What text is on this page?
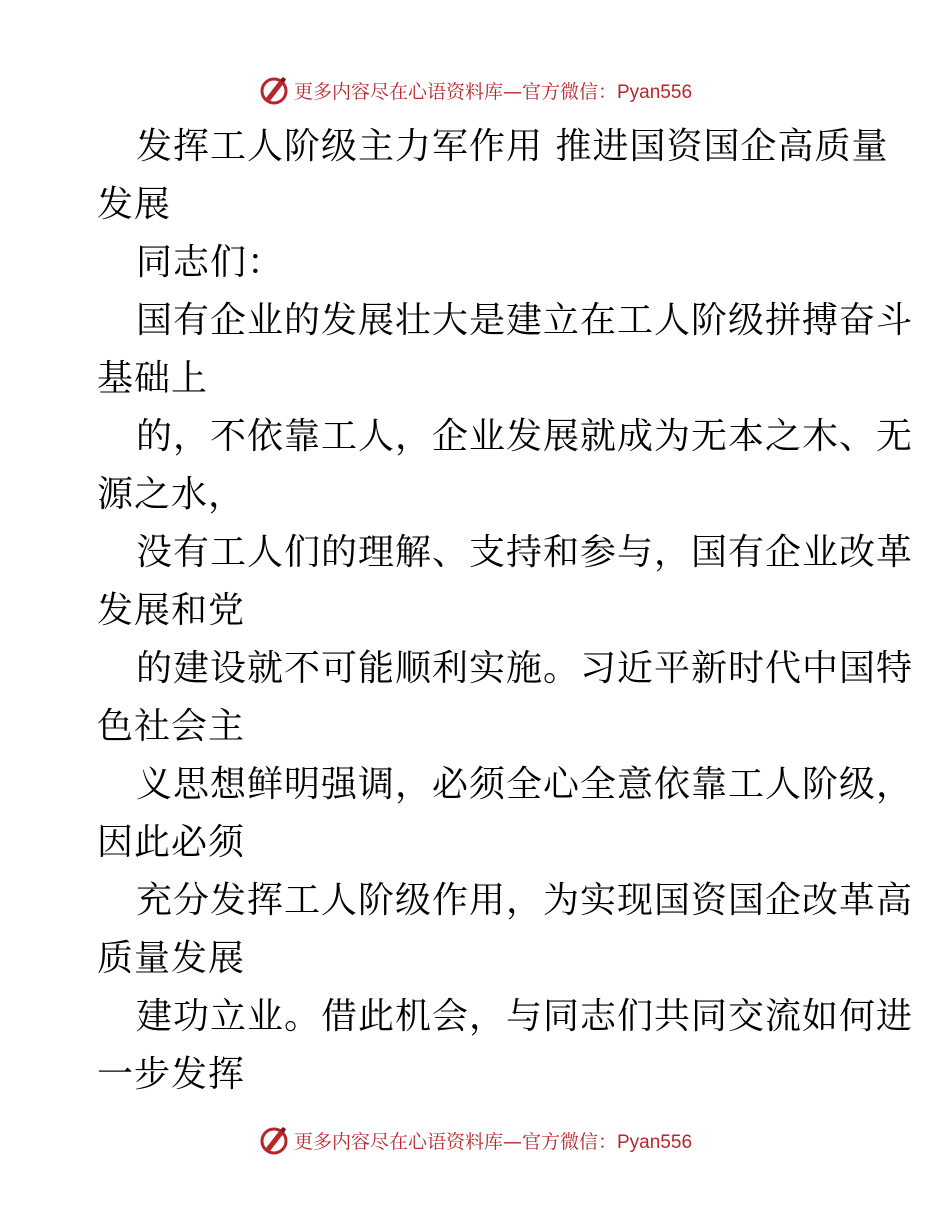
更多内容尽在心语资料库—官方微信：Pyan556
发挥工人阶级主力军作用 推进国资国企高质量
发展
同志们：
国有企业的发展壮大是建立在工人阶级拼搏奋斗
基础上
的，不依靠工人，企业发展就成为无本之木、无
源之水，
没有工人们的理解、支持和参与，国有企业改革
发展和党
的建设就不可能顺利实施。习近平新时代中国特
色社会主
义思想鲜明强调，必须全心全意依靠工人阶级，
因此必须
充分发挥工人阶级作用，为实现国资国企改革高
质量发展
建功立业。借此机会，与同志们共同交流如何进
一步发挥
更多内容尽在心语资料库—官方微信：Pyan556
